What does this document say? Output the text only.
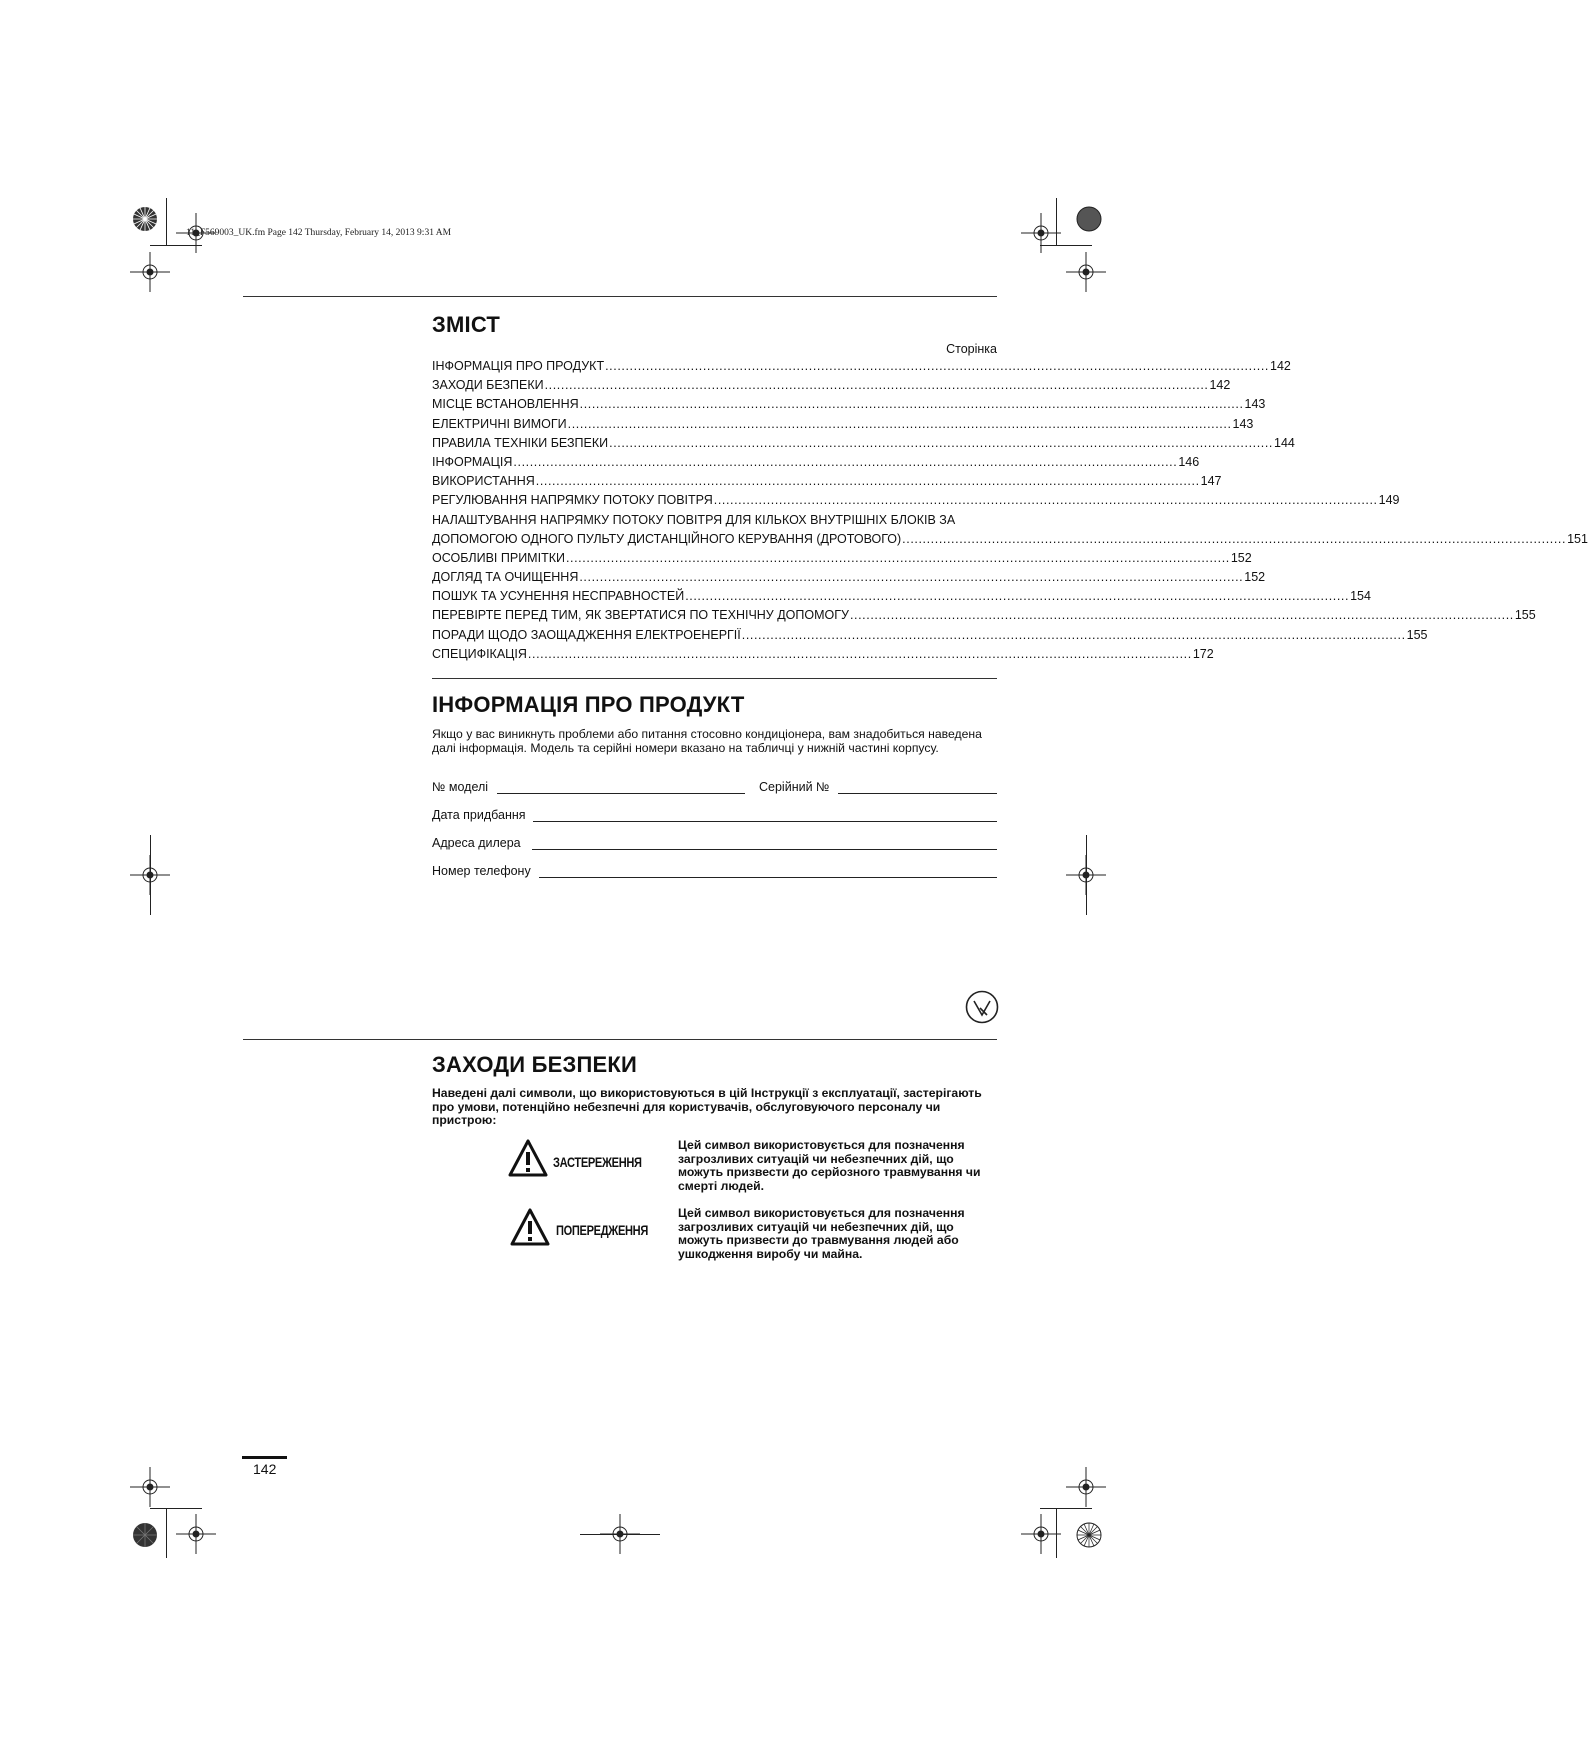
11_F569003_UK.fm Page 142 Thursday, February 14, 2013 9:31 AM
ЗМІСТ
Сторінка
ІНФОРМАЦІЯ ПРО ПРОДУКТ ................................................................................................................................................................... 142
ЗАХОДИ БЕЗПЕКИ ................................................................................................................................................................... 142
МІСЦЕ ВСТАНОВЛЕННЯ ................................................................................................................................................................... 143
ЕЛЕКТРИЧНІ ВИМОГИ ................................................................................................................................................................... 143
ПРАВИЛА ТЕХНІКИ БЕЗПЕКИ ................................................................................................................................................................... 144
ІНФОРМАЦІЯ ................................................................................................................................................................... 146
ВИКОРИСТАННЯ ................................................................................................................................................................... 147
РЕГУЛЮВАННЯ НАПРЯМКУ ПОТОКУ ПОВІТРЯ ................................................................................................................................................................... 149
НАЛАШТУВАННЯ НАПРЯМКУ ПОТОКУ ПОВІТРЯ ДЛЯ КІЛЬКОХ ВНУТРІШНІХ БЛОКІВ ЗА
ДОПОМОГОЮ ОДНОГО ПУЛЬТУ ДИСТАНЦІЙНОГО КЕРУВАННЯ (ДРОТОВОГО) ................................................................................................................................................................... 151
ОСОБЛИВІ ПРИМІТКИ ................................................................................................................................................................... 152
ДОГЛЯД ТА ОЧИЩЕННЯ ................................................................................................................................................................... 152
ПОШУК ТА УСУНЕННЯ НЕСПРАВНОСТЕЙ ................................................................................................................................................................... 154
ПЕРЕВІРТЕ ПЕРЕД ТИМ, ЯК ЗВЕРТАТИСЯ ПО ТЕХНІЧНУ ДОПОМОГУ ................................................................................................................................................................... 155
ПОРАДИ ЩОДО ЗАОЩАДЖЕННЯ ЕЛЕКТРОЕНЕРГІЇ ................................................................................................................................................................... 155
СПЕЦИФІКАЦІЯ ................................................................................................................................................................... 172
ІНФОРМАЦІЯ ПРО ПРОДУКТ
Якщо у вас виникнуть проблеми або питання стосовно кондиціонера, вам знадобиться наведена далі інформація. Модель та серійні номери вказано на табличці у нижній частині корпусу.
№ моделі	Серійний №
Дата придбання
Адреса дилера
Номер телефону
ЗАХОДИ БЕЗПЕКИ
Наведені далі символи, що використовуються в цій Інструкції з експлуатації, застерігають про умови, потенційно небезпечні для користувачів, обслуговуючого персоналу чи пристрою:
ЗАСТЕРЕЖЕННЯ
Цей символ використовується для позначення загрозливих ситуацій чи небезпечних дій, що можуть призвести до серйозного травмування чи смерті людей.
ПОПЕРЕДЖЕННЯ
Цей символ використовується для позначення загрозливих ситуацій чи небезпечних дій, що можуть призвести до травмування людей або ушкодження виробу чи майна.
142
